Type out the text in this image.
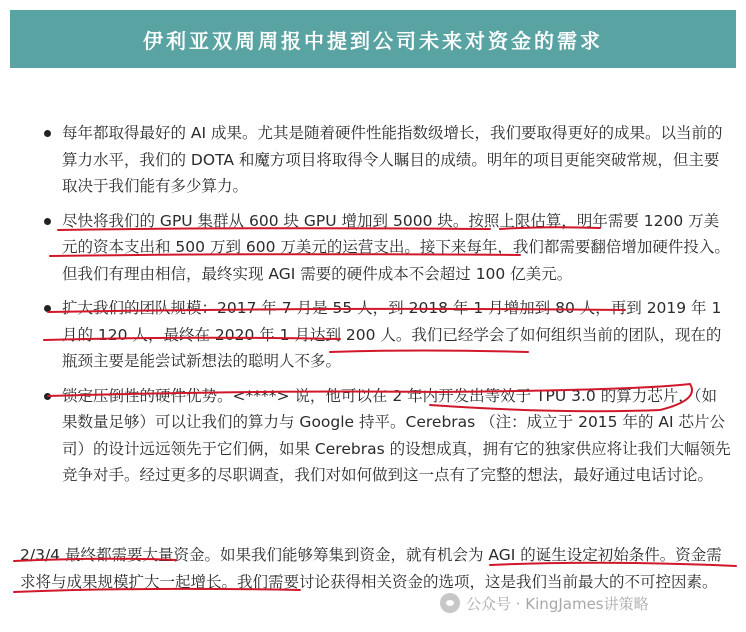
伊利亚双周周报中提到公司未来对资金的需求
每年都取得最好的 AI 成果。尤其是随着硬件性能指数级增长，我们要取得更好的成果。以当前的算力水平，我们的 DOTA 和魔方项目将取得令人瞩目的成绩。明年的项目更能突破常规，但主要取决于我们能有多少算力。
尽快将我们的 GPU 集群从 600 块 GPU 增加到 5000 块。按照上限估算，明年需要 1200 万美元的资本支出和 500 万到 600 万美元的运营支出。接下来每年，我们都需要翻倍增加硬件投入。但我们有理由相信，最终实现 AGI 需要的硬件成本不会超过 100 亿美元。
扩大我们的团队规模：2017 年 7 月是 55 人，到 2018 年 1 月增加到 80 人，再到 2019 年 1 月的 120 人，最终在 2020 年 1 月达到 200 人。我们已经学会了如何组织当前的团队，现在的瓶颈主要是能尝试新想法的聪明人不多。
锁定压倒性的硬件优势。<****> 说，他可以在 2 年内开发出等效于 TPU 3.0 的算力芯片，（如果数量足够）可以让我们的算力与 Google 持平。Cerebras （注：成立于 2015 年的 AI 芯片公司）的设计远远领先于它们俩，如果 Cerebras 的设想成真，拥有它的独家供应将让我们大幅领先竞争对手。经过更多的尽职调查，我们对如何做到这一点有了完整的想法，最好通过电话讨论。

2/3/4 最终都需要大量资金。如果我们能够筹集到资金，就有机会为 AGI 的诞生设定初始条件。资金需求将与成果规模扩大一起增长。我们需要讨论获得相关资金的选项，这是我们当前最大的不可控因素。

公众号 · KingJames讲策略
